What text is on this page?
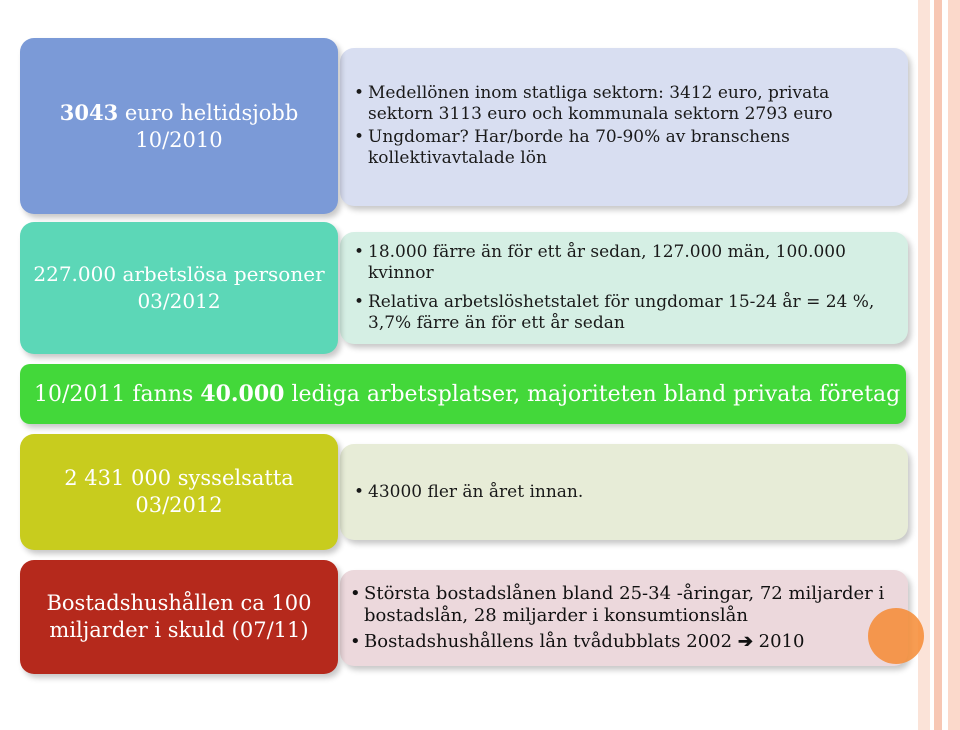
• Medellönen inom statliga sektorn: 3412 euro, privata sektorn 3113 euro och kommunala sektorn 2793 euro
• Ungdomar? Har/borde ha 70-90% av branschens kollektivavtalade lön
3043 euro heltidsjobb 10/2010
• 18.000 färre än för ett år sedan, 127.000 män, 100.000 kvinnor
• Relativa arbetslöshetstalet för ungdomar 15-24 år = 24 %, 3,7% färre än för ett år sedan
227.000 arbetslösa personer 03/2012
10/2011 fanns 40.000 lediga arbetsplatser, majoriteten bland privata företag
• 43000 fler än året innan.
2 431 000 sysselsatta 03/2012
• Största bostadslånen bland 25-34 -åringar, 72 miljarder i bostadslån, 28 miljarder i konsumtionslån
• Bostadshushållens lån tvådubblats 2002 ➔ 2010
Bostadshushållen ca 100 miljarder i skuld (07/11)
